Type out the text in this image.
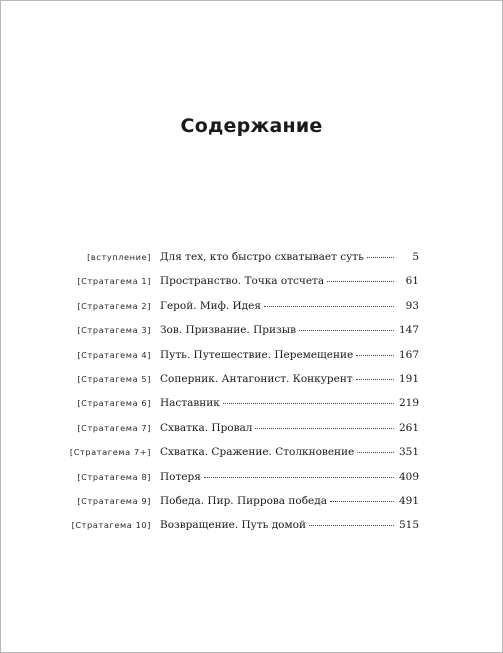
Содержание
[вступление] Для тех, кто быстро схватывает суть	5
[Стратагема 1] Пространство. Точка отсчета	61
[Стратагема 2] Герой. Миф. Идея	93
[Стратагема 3] Зов. Призвание. Призыв	147
[Стратагема 4] Путь. Путешествие. Перемещение	167
[Стратагема 5] Соперник. Антагонист. Конкурент	191
[Стратагема 6] Наставник	219
[Стратагема 7] Схватка. Провал	261
[Стратагема 7+] Схватка. Сражение. Столкновение	351
[Стратагема 8] Потеря	409
[Стратагема 9] Победа. Пир. Пиррова победа	491
[Стратагема 10] Возвращение. Путь домой	515
